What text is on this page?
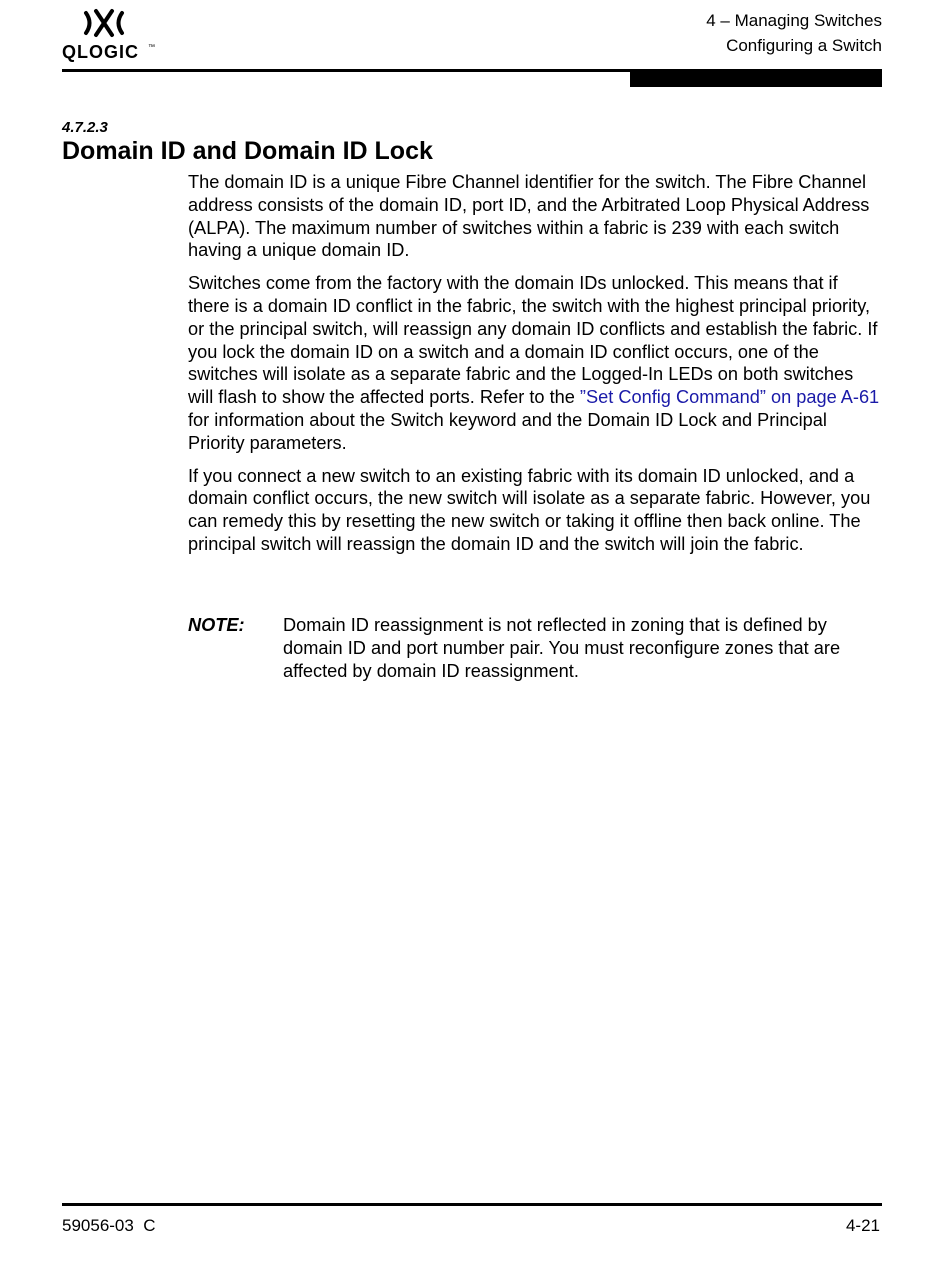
QLOGIC ™
4 – Managing Switches
Configuring a Switch
4.7.2.3
Domain ID and Domain ID Lock

The domain ID is a unique Fibre Channel identifier for the switch. The Fibre Channel address consists of the domain ID, port ID, and the Arbitrated Loop Physical Address (ALPA). The maximum number of switches within a fabric is 239 with each switch having a unique domain ID.

Switches come from the factory with the domain IDs unlocked. This means that if there is a domain ID conflict in the fabric, the switch with the highest principal priority, or the principal switch, will reassign any domain ID conflicts and establish the fabric. If you lock the domain ID on a switch and a domain ID conflict occurs, one of the switches will isolate as a separate fabric and the Logged-In LEDs on both switches will flash to show the affected ports. Refer to the ”Set Config Command” on page A-61 for information about the Switch keyword and the Domain ID Lock and Principal Priority parameters.

If you connect a new switch to an existing fabric with its domain ID unlocked, and a domain conflict occurs, the new switch will isolate as a separate fabric. However, you can remedy this by resetting the new switch or taking it offline then back online. The principal switch will reassign the domain ID and the switch will join the fabric.

NOTE: Domain ID reassignment is not reflected in zoning that is defined by domain ID and port number pair. You must reconfigure zones that are affected by domain ID reassignment.
59056-03  C	4-21
